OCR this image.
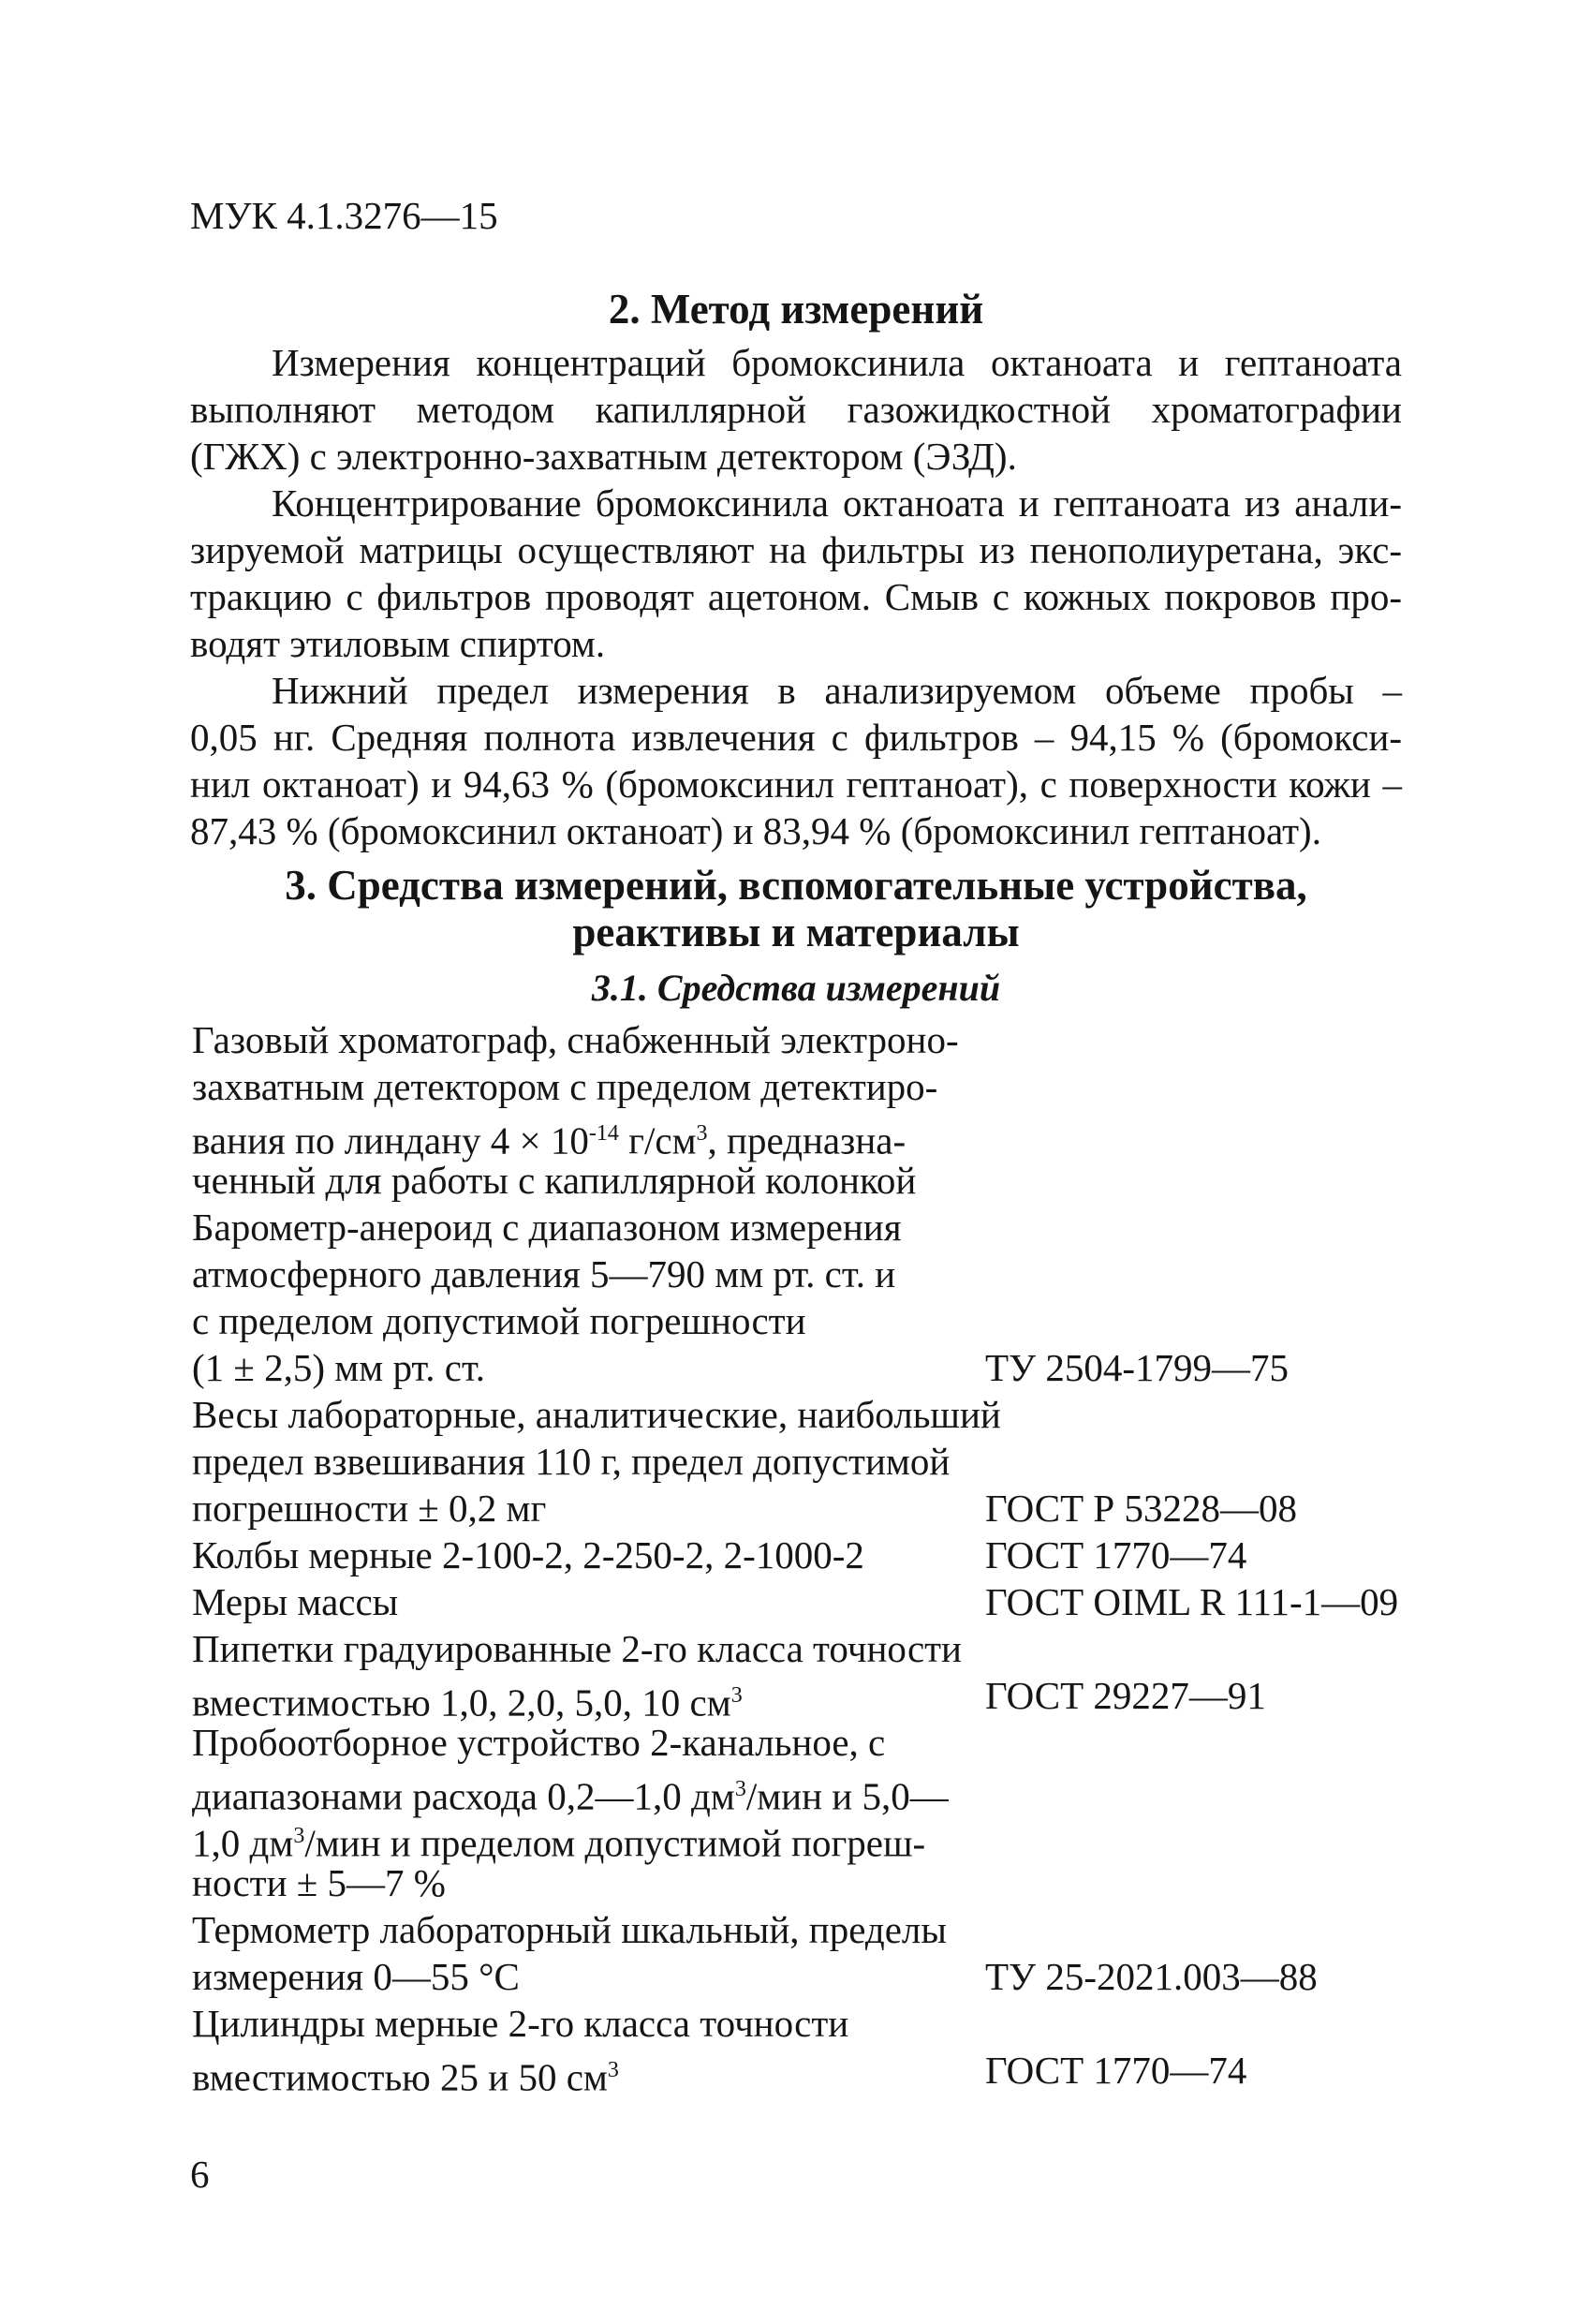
МУК 4.1.3276—15
2. Метод измерений
Измерения концентраций бромоксинила октаноата и гептаноата
выполняют методом капиллярной газожидкостной хроматографии
(ГЖХ) с электронно-захватным детектором (ЭЗД).
Концентрирование бромоксинила октаноата и гептаноата из анали-
зируемой матрицы осуществляют на фильтры из пенополиуретана, экс-
тракцию с фильтров проводят ацетоном. Смыв с кожных покровов про-
водят этиловым спиртом.
Нижний предел измерения в анализируемом объеме пробы –
0,05 нг. Средняя полнота извлечения с фильтров – 94,15 % (бромокси-
нил октаноат) и 94,63 % (бромоксинил гептаноат), с поверхности кожи –
87,43 % (бромоксинил октаноат) и 83,94 % (бромоксинил гептаноат).
3. Средства измерений, вспомогательные устройства,
реактивы и материалы
3.1. Средства измерений
Газовый хроматограф, снабженный электроно-
захватным детектором с пределом детектиро-
вания по линдану $4 \times 10^{-14}$ $г/см^3$, предназна-
ченный для работы с капиллярной колонкой
Барометр-анероид с диапазоном измерения
атмосферного давления 5—790 мм рт. ст. и
с пределом допустимой погрешности
(1 ± 2,5) мм рт. ст.	ТУ 2504-1799—75
Весы лабораторные, аналитические, наибольший
предел взвешивания 110 г, предел допустимой
погрешности ± 0,2 мг	ГОСТ Р 53228—08
Колбы мерные 2-100-2, 2-250-2, 2-1000-2	ГОСТ 1770—74
Меры массы	ГОСТ OIML R 111-1—09
Пипетки градуированные 2-го класса точности
вместимостью 1,0, 2,0, 5,0, 10 $см^3$	ГОСТ 29227—91
Пробоотборное устройство 2-канальное, с
диапазонами расхода 0,2—1,0 $дм^3$/мин и 5,0—
1,0 $дм^3$/мин и пределом допустимой погреш-
ности ± 5—7 %
Термометр лабораторный шкальный, пределы
измерения 0—55 °С	ТУ 25-2021.003—88
Цилиндры мерные 2-го класса точности
вместимостью 25 и 50 $см^3$	ГОСТ 1770—74
6
